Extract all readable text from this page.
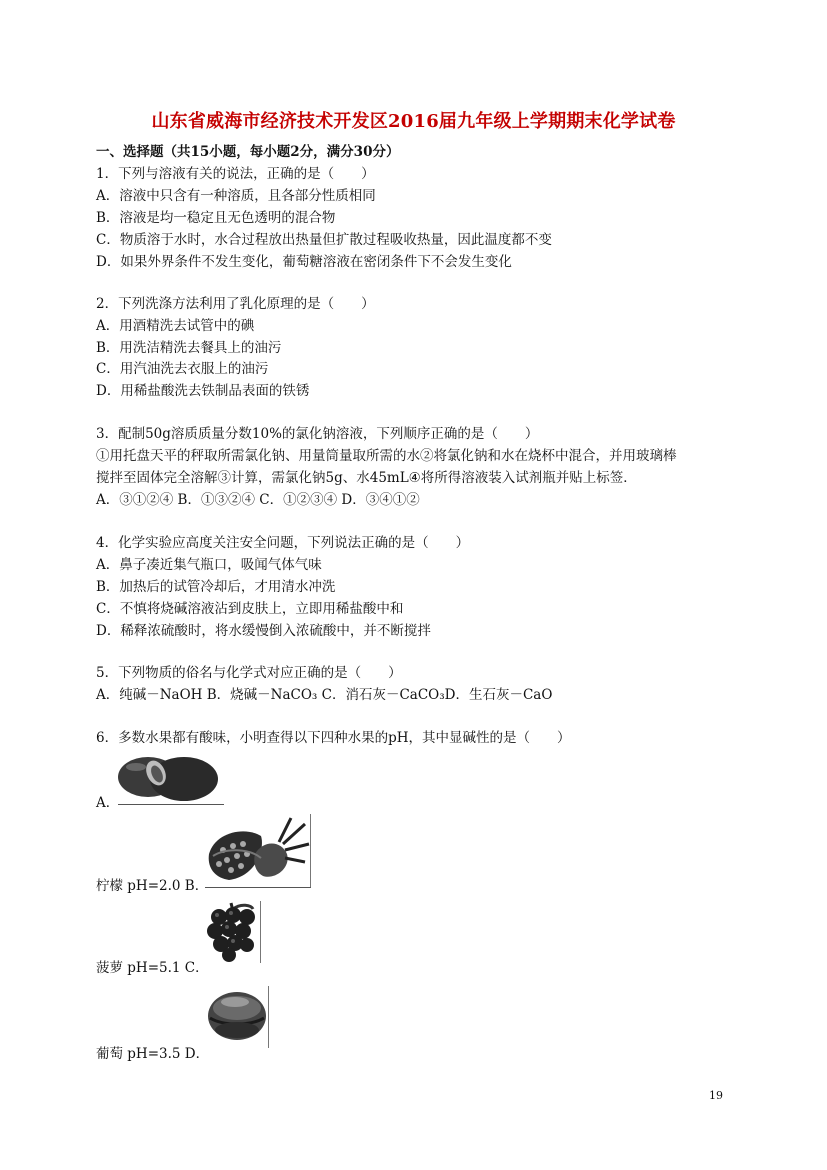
山东省威海市经济技术开发区2016届九年级上学期期末化学试卷
一、选择题（共15小题，每小题2分，满分30分）
1．下列与溶液有关的说法，正确的是（　　）
A．溶液中只含有一种溶质，且各部分性质相同
B．溶液是均一稳定且无色透明的混合物
C．物质溶于水时，水合过程放出热量但扩散过程吸收热量，因此温度都不变
D．如果外界条件不发生变化，葡萄糖溶液在密闭条件下不会发生变化
2．下列洗涤方法利用了乳化原理的是（　　）
A．用酒精洗去试管中的碘
B．用洗洁精洗去餐具上的油污
C．用汽油洗去衣服上的油污
D．用稀盐酸洗去铁制品表面的铁锈
3．配制50g溶质质量分数10%的氯化钠溶液，下列顺序正确的是（　　）
①用托盘天平的秤取所需氯化钠、用量筒量取所需的水②将氯化钠和水在烧杯中混合，并用玻璃棒
搅拌至固体完全溶解③计算，需氯化钠5g、水45mL④将所得溶液装入试剂瓶并贴上标签．
A．③①②④ B．①③②④ C．①②③④ D．③④①②
4．化学实验应高度关注安全问题，下列说法正确的是（　　）
A．鼻子凑近集气瓶口，吸闻气体气味
B．加热后的试管冷却后，才用清水冲洗
C．不慎将烧碱溶液沾到皮肤上，立即用稀盐酸中和
D．稀释浓硫酸时，将水缓慢倒入浓硫酸中，并不断搅拌
5．下列物质的俗名与化学式对应正确的是（　　）
A．纯碱－NaOH B．烧碱－NaCO₃ C．消石灰－CaCO₃D．生石灰－CaO
6．多数水果都有酸味，小明查得以下四种水果的pH，其中显碱性的是（　　）
A．
柠檬 pH=2.0 B．
菠萝 pH=5.1 C．
葡萄 pH=3.5 D．
19
